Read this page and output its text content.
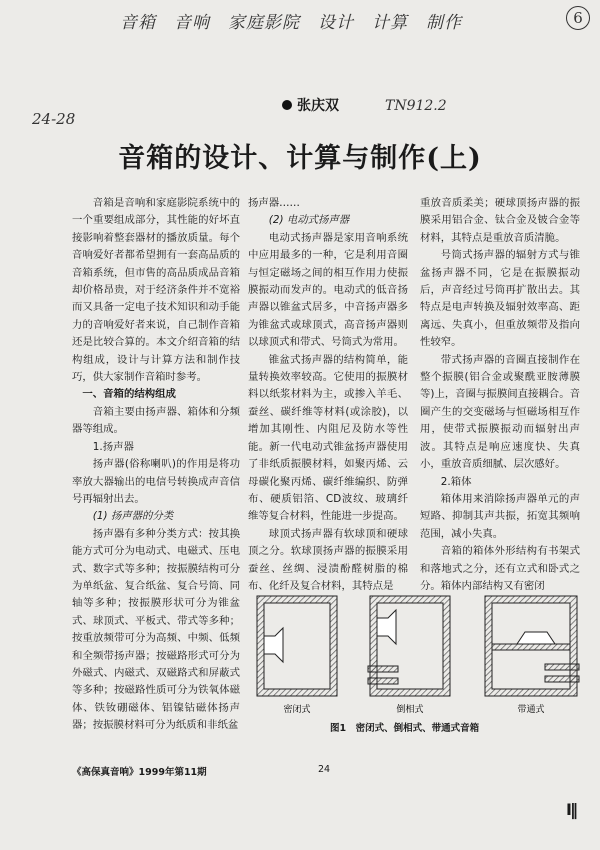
音箱　音响　家庭影院　设计　计算　制作	6
24-28
TN912.2
张庆双
音箱的设计、计算与制作(上)

音箱是音响和家庭影院系统中的一个重要组成部分，其性能的好坏直接影响着整套器材的播放质量。每个音响爱好者都希望拥有一套高品质的音箱系统，但市售的高品质成品音箱却价格昂贵，对于经济条件并不宽裕而又具备一定电子技术知识和动手能力的音响爱好者来说，自己制作音箱还是比较合算的。本文介绍音箱的结构组成，设计与计算方法和制作技巧，供大家制作音箱时参考。

一、音箱的结构组成

音箱主要由扬声器、箱体和分频器等组成。

1.扬声器

扬声器(俗称喇叭)的作用是将功率放大器输出的电信号转换成声音信号再辐射出去。

(1) 扬声器的分类

扬声器有多种分类方式：按其换能方式可分为电动式、电磁式、压电式、数字式等多种；按振膜结构可分为单纸盆、复合纸盆、复合号筒、同轴等多种；按振膜形状可分为锥盆式、球顶式、平板式、带式等多种；按重放频带可分为高频、中频、低频和全频带扬声器；按磁路形式可分为外磁式、内磁式、双磁路式和屏蔽式等多种；按磁路性质可分为铁氧体磁体、铁钕硼磁体、铝镍钴磁体扬声器；按振膜材料可分为纸质和非纸盆

扬声器……

(2) 电动式扬声器

电动式扬声器是家用音响系统中应用最多的一种，它是利用音圈与恒定磁场之间的相互作用力使振膜振动而发声的。电动式的低音扬声器以锥盆式居多，中音扬声器多为锥盆式或球顶式，高音扬声器则以球顶式和带式、号筒式为常用。

锥盆式扬声器的结构简单，能量转换效率较高。它使用的振膜材料以纸浆材料为主，或掺入羊毛、蚕丝、碳纤维等材料(或涂胶)，以增加其刚性、内阻尼及防水等性能。新一代电动式锥盆扬声器使用了非纸质振膜材料，如聚丙烯、云母碳化聚丙烯、碳纤维编织、防弹布、硬质铝箔、CD波纹、玻璃纤维等复合材料，性能进一步提高。

球顶式扬声器有软球顶和硬球顶之分。软球顶扬声器的振膜采用蚕丝、丝绸、浸渍酚醛树脂的棉布、化纤及复合材料，其特点是

重放音质柔美；硬球顶扬声器的振膜采用铝合金、钛合金及铍合金等材料，其特点是重放音质清脆。

号筒式扬声器的辐射方式与锥盆扬声器不同，它是在振膜振动后，声音经过号筒再扩散出去。其特点是电声转换及辐射效率高、距离远、失真小，但重放频带及指向性较窄。

带式扬声器的音圈直接制作在整个振膜(铝合金或聚酰亚胺薄膜等)上，音圈与振膜间直接耦合。音圈产生的交变磁场与恒磁场相互作用，使带式振膜振动而辐射出声波。其特点是响应速度快、失真小，重放音质细腻、层次感好。

2.箱体

箱体用来消除扬声器单元的声短路、抑制其声共振，拓宽其频响范围，减小失真。

音箱的箱体外形结构有书架式和落地式之分，还有立式和卧式之分。箱体内部结构又有密闭

密闭式	倒相式	带通式
图1　密闭式、倒相式、带通式音箱
《高保真音响》1999年第11期	24
Ⅰ‖
